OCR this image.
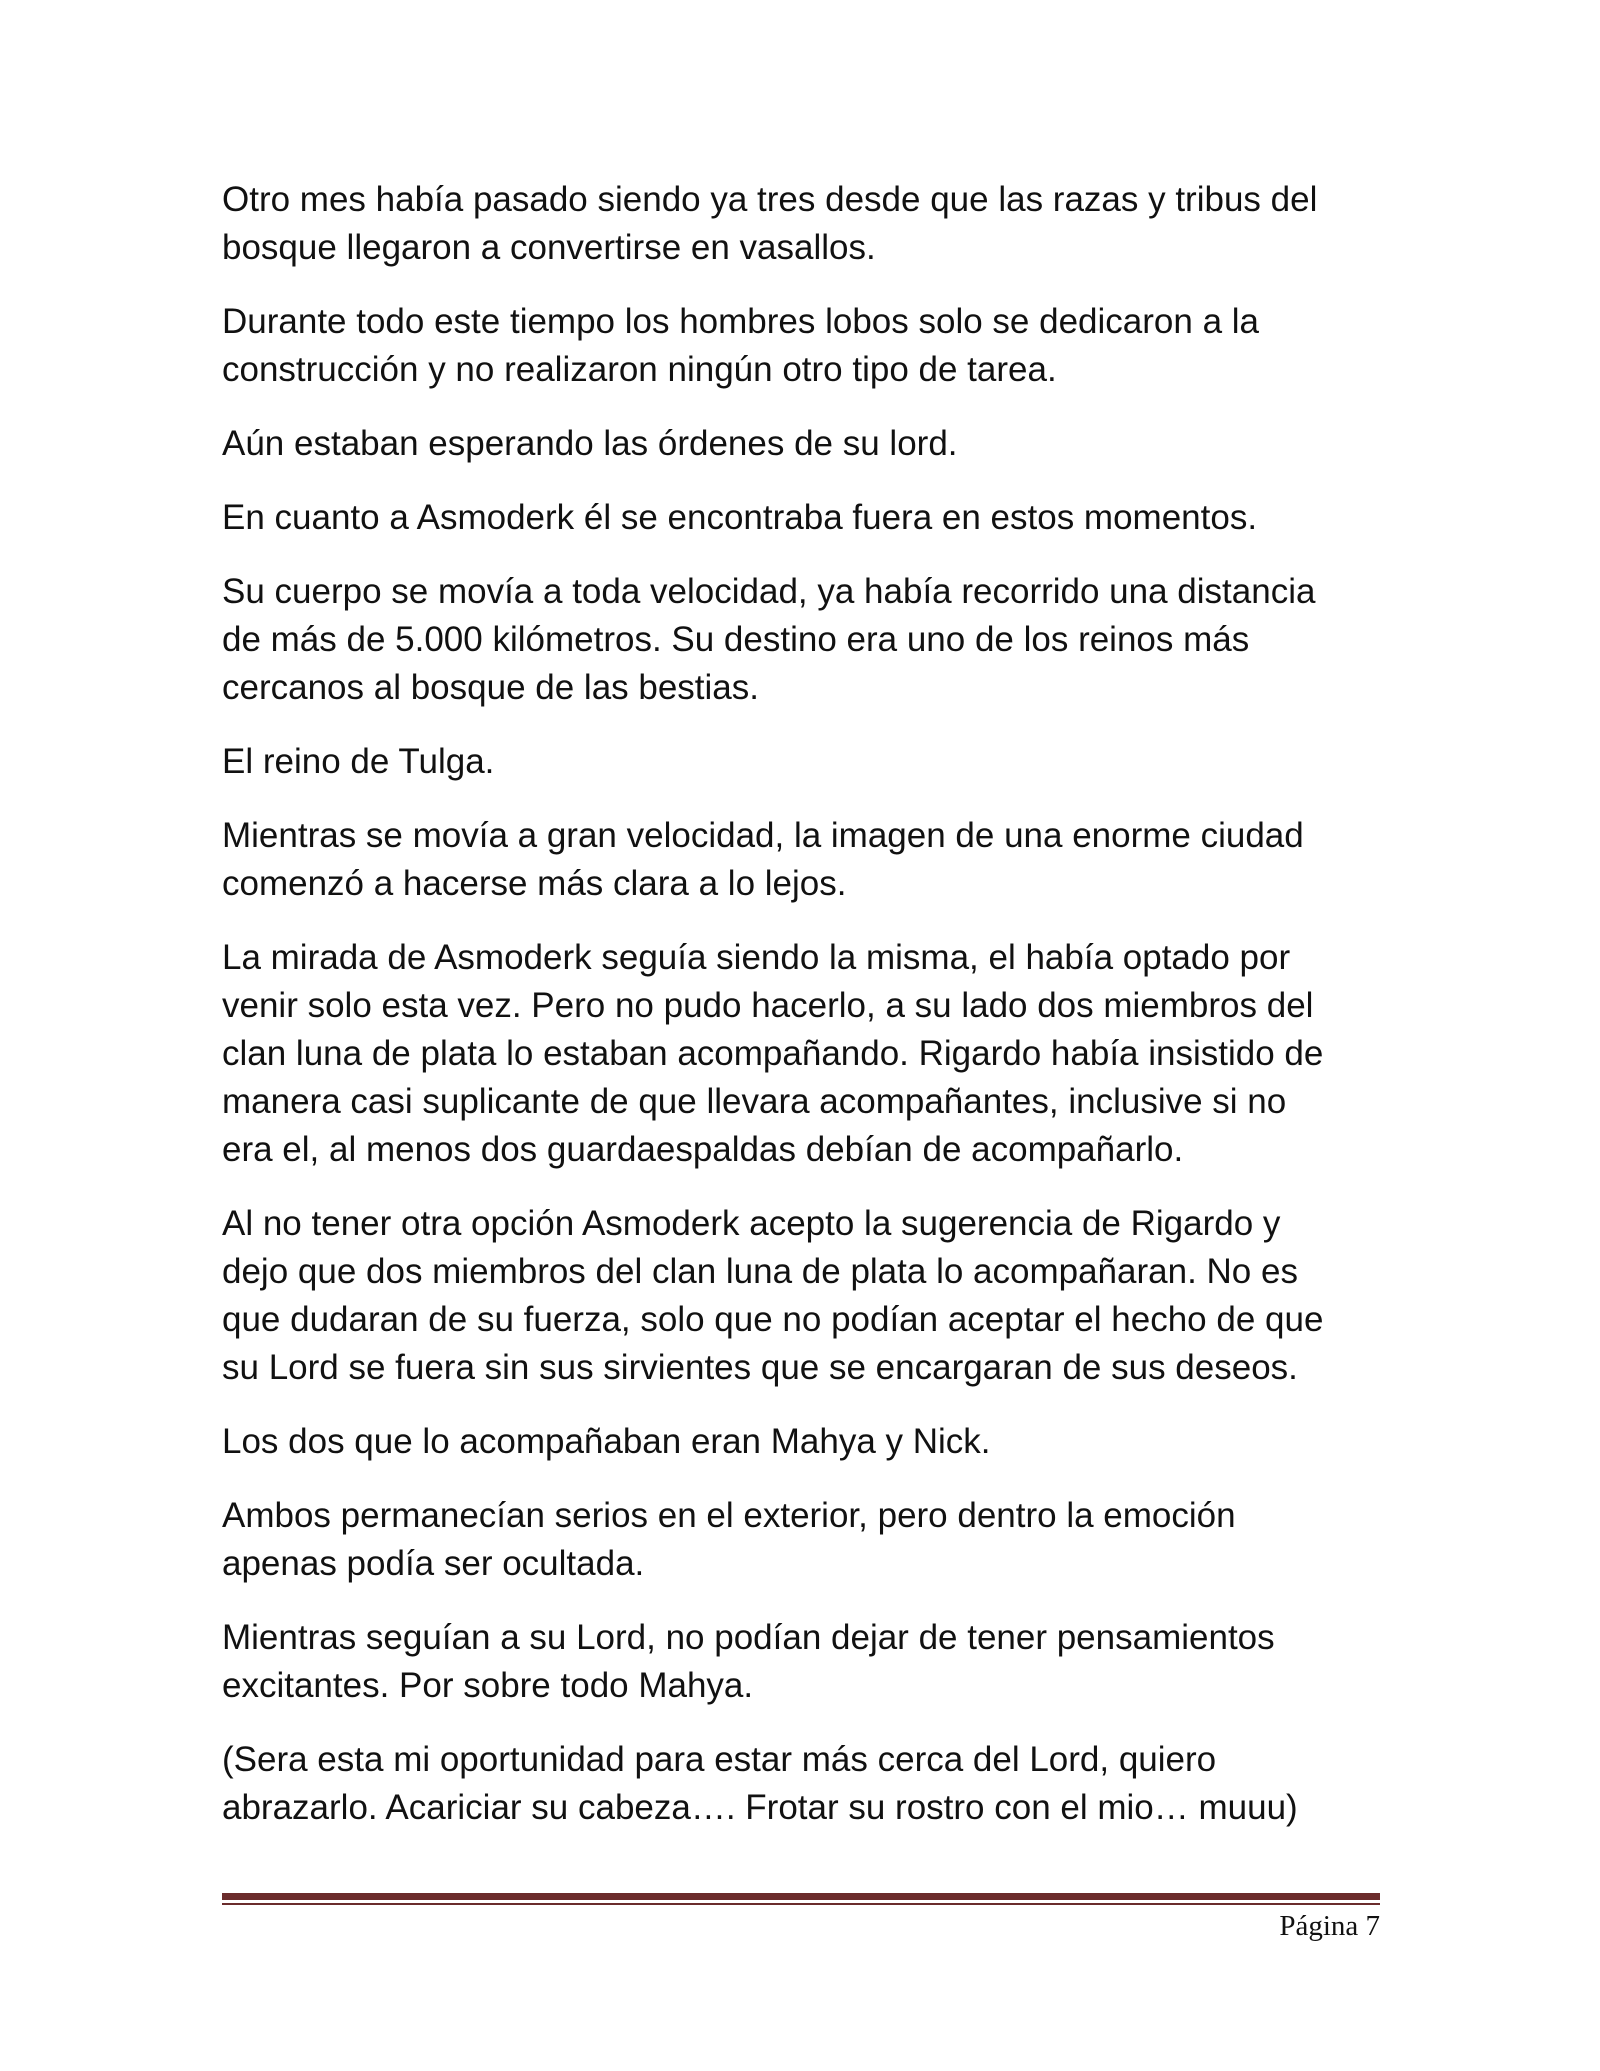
Otro mes había pasado siendo ya tres desde que las razas y tribus del
bosque llegaron a convertirse en vasallos.

Durante todo este tiempo los hombres lobos solo se dedicaron a la
construcción y no realizaron ningún otro tipo de tarea.

Aún estaban esperando las órdenes de su lord.

En cuanto a Asmoderk él se encontraba fuera en estos momentos.

Su cuerpo se movía a toda velocidad, ya había recorrido una distancia
de más de 5.000 kilómetros. Su destino era uno de los reinos más
cercanos al bosque de las bestias.

El reino de Tulga.

Mientras se movía a gran velocidad, la imagen de una enorme ciudad
comenzó a hacerse más clara a lo lejos.

La mirada de Asmoderk seguía siendo la misma, el había optado por
venir solo esta vez. Pero no pudo hacerlo, a su lado dos miembros del
clan luna de plata lo estaban acompañando. Rigardo había insistido de
manera casi suplicante de que llevara acompañantes, inclusive si no
era el, al menos dos guardaespaldas debían de acompañarlo.

Al no tener otra opción Asmoderk acepto la sugerencia de Rigardo y
dejo que dos miembros del clan luna de plata lo acompañaran. No es
que dudaran de su fuerza, solo que no podían aceptar el hecho de que
su Lord se fuera sin sus sirvientes que se encargaran de sus deseos.

Los dos que lo acompañaban eran Mahya y Nick.

Ambos permanecían serios en el exterior, pero dentro la emoción
apenas podía ser ocultada.

Mientras seguían a su Lord, no podían dejar de tener pensamientos
excitantes. Por sobre todo Mahya.

(Sera esta mi oportunidad para estar más cerca del Lord, quiero
abrazarlo. Acariciar su cabeza…. Frotar su rostro con el mio… muuu)

Página 7
